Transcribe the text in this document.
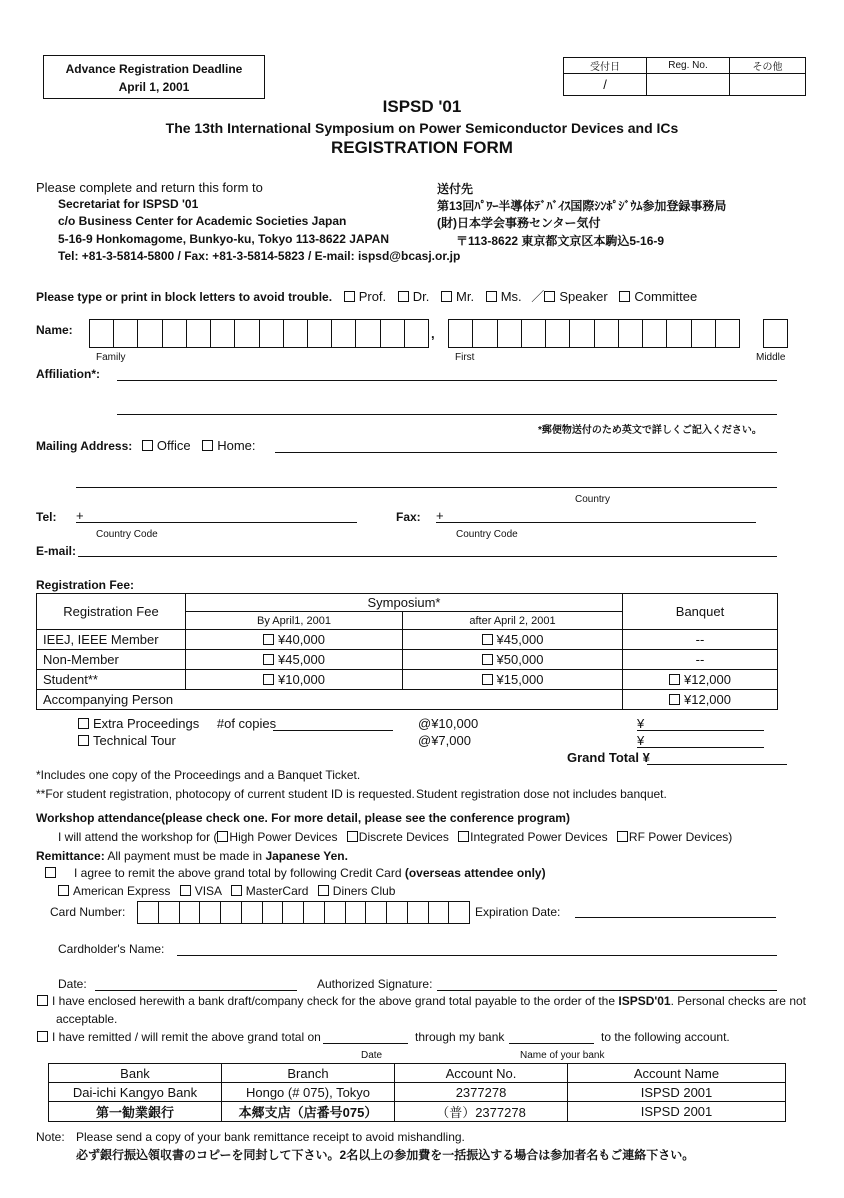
Advance Registration Deadline
April 1, 2001
受付日	Reg. No.	その他
/		
ISPSD '01
The 13th International Symposium on Power Semiconductor Devices and ICs
REGISTRATION FORM
Please complete and return this form to
Secretariat for ISPSD '01
c/o Business Center for Academic Societies Japan
5-16-9 Honkomagome, Bunkyo-ku, Tokyo 113-8622 JAPAN
Tel: +81-3-5814-5800 / Fax: +81-3-5814-5823 / E-mail: ispsd@bcasj.or.jp
送付先
第13回ﾊﾟﾜｰ半導体ﾃﾞﾊﾞｲｽ国際ｼﾝﾎﾟｼﾞｳﾑ参加登録事務局
(財)日本学会事務センター気付
〒113-8622 東京都文京区本駒込5-16-9
Please type or print in block letters to avoid trouble. Prof. Dr. Mr. Ms. ／ Speaker Committee
Name:	,
Family	First	Middle
Affiliation*:
*郵便物送付のため英文で詳しくご記入ください。
Mailing Address: Office Home:
Country
Tel: +
Country Code
Fax: +
Country Code
E-mail:
Registration Fee:
Registration Fee	Symposium*		Banquet
	By April1, 2001	after April 2, 2001	
IEEJ, IEEE Member	¥40,000	¥45,000	--
Non-Member	¥45,000	¥50,000	--
Student**	¥10,000	¥15,000	¥12,000
Accompanying Person			¥12,000
Extra Proceedings #of copies	@¥10,000	¥
Technical Tour	@¥7,000	¥
Grand Total ¥
*Includes one copy of the Proceedings and a Banquet Ticket.
**For student registration, photocopy of current student ID is requested. Student registration dose not includes banquet.
Workshop attendance(please check one. For more detail, please see the conference program)
I will attend the workshop for ( High Power Devices Discrete Devices Integrated Power Devices RF Power Devices)
Remittance: All payment must be made in Japanese Yen.
I agree to remit the above grand total by following Credit Card (overseas attendee only)
American Express VISA MasterCard Diners Club
Card Number:	Expiration Date:
Cardholder's Name:
Date:	Authorized Signature:
I have enclosed herewith a bank draft/company check for the above grand total payable to the order of the ISPSD'01. Personal checks are not
acceptable.
I have remitted / will remit the above grand total on	through my bank	to the following account.
Date	Name of your bank
Bank	Branch	Account No.	Account Name
Dai-ichi Kangyo Bank	Hongo (# 075), Tokyo	2377278	ISPSD 2001
第一勧業銀行	本郷支店（店番号075）	（普）2377278	ISPSD 2001
Note: Please send a copy of your bank remittance receipt to avoid mishandling.
必ず銀行振込領収書のコピーを同封して下さい。2名以上の参加費を一括振込する場合は参加者名もご連絡下さい。
